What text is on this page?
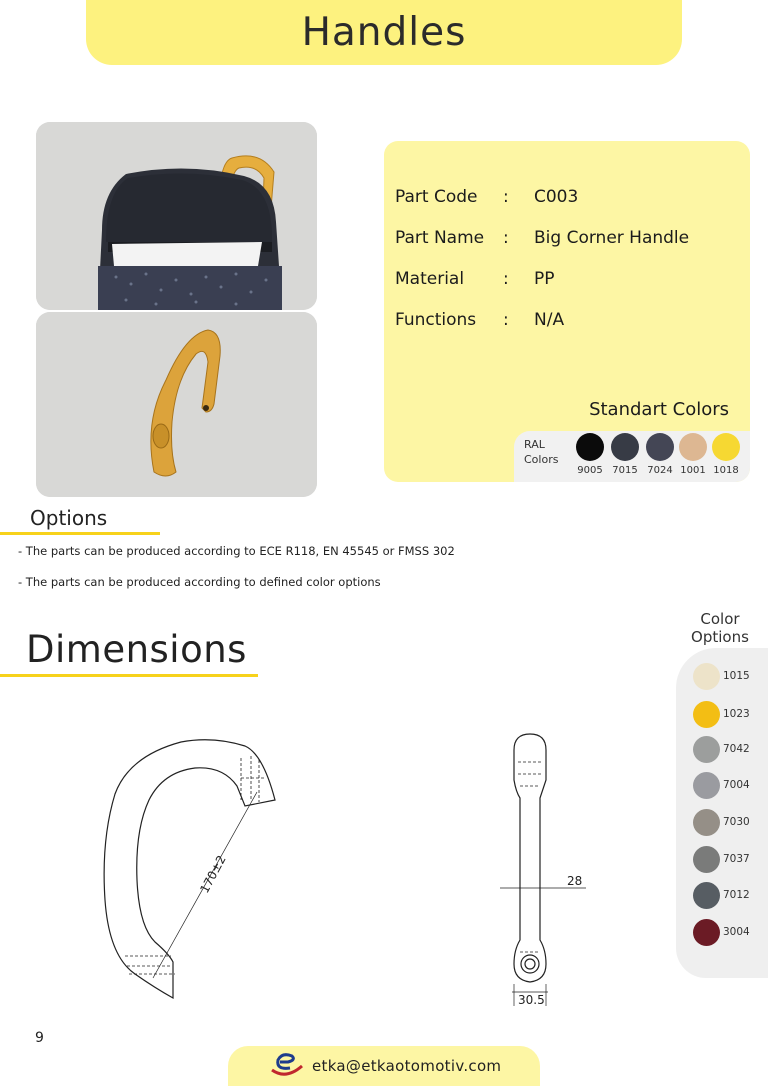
Handles
Part Code	: C003
Part Name	: Big Corner Handle
Material	: PP
Functions	: N/A
Standart Colors
RAL
Colors
9005 7015 7024 1001 1018
Options
- The parts can be produced according to ECE R118, EN 45545 or FMSS 302
- The parts can be produced according to defined color options
Dimensions
170±2	28
30.5
Color
Options
1015
1023
7042
7004
7030
7037
7012
3004
9
etka@etkaotomotiv.com
